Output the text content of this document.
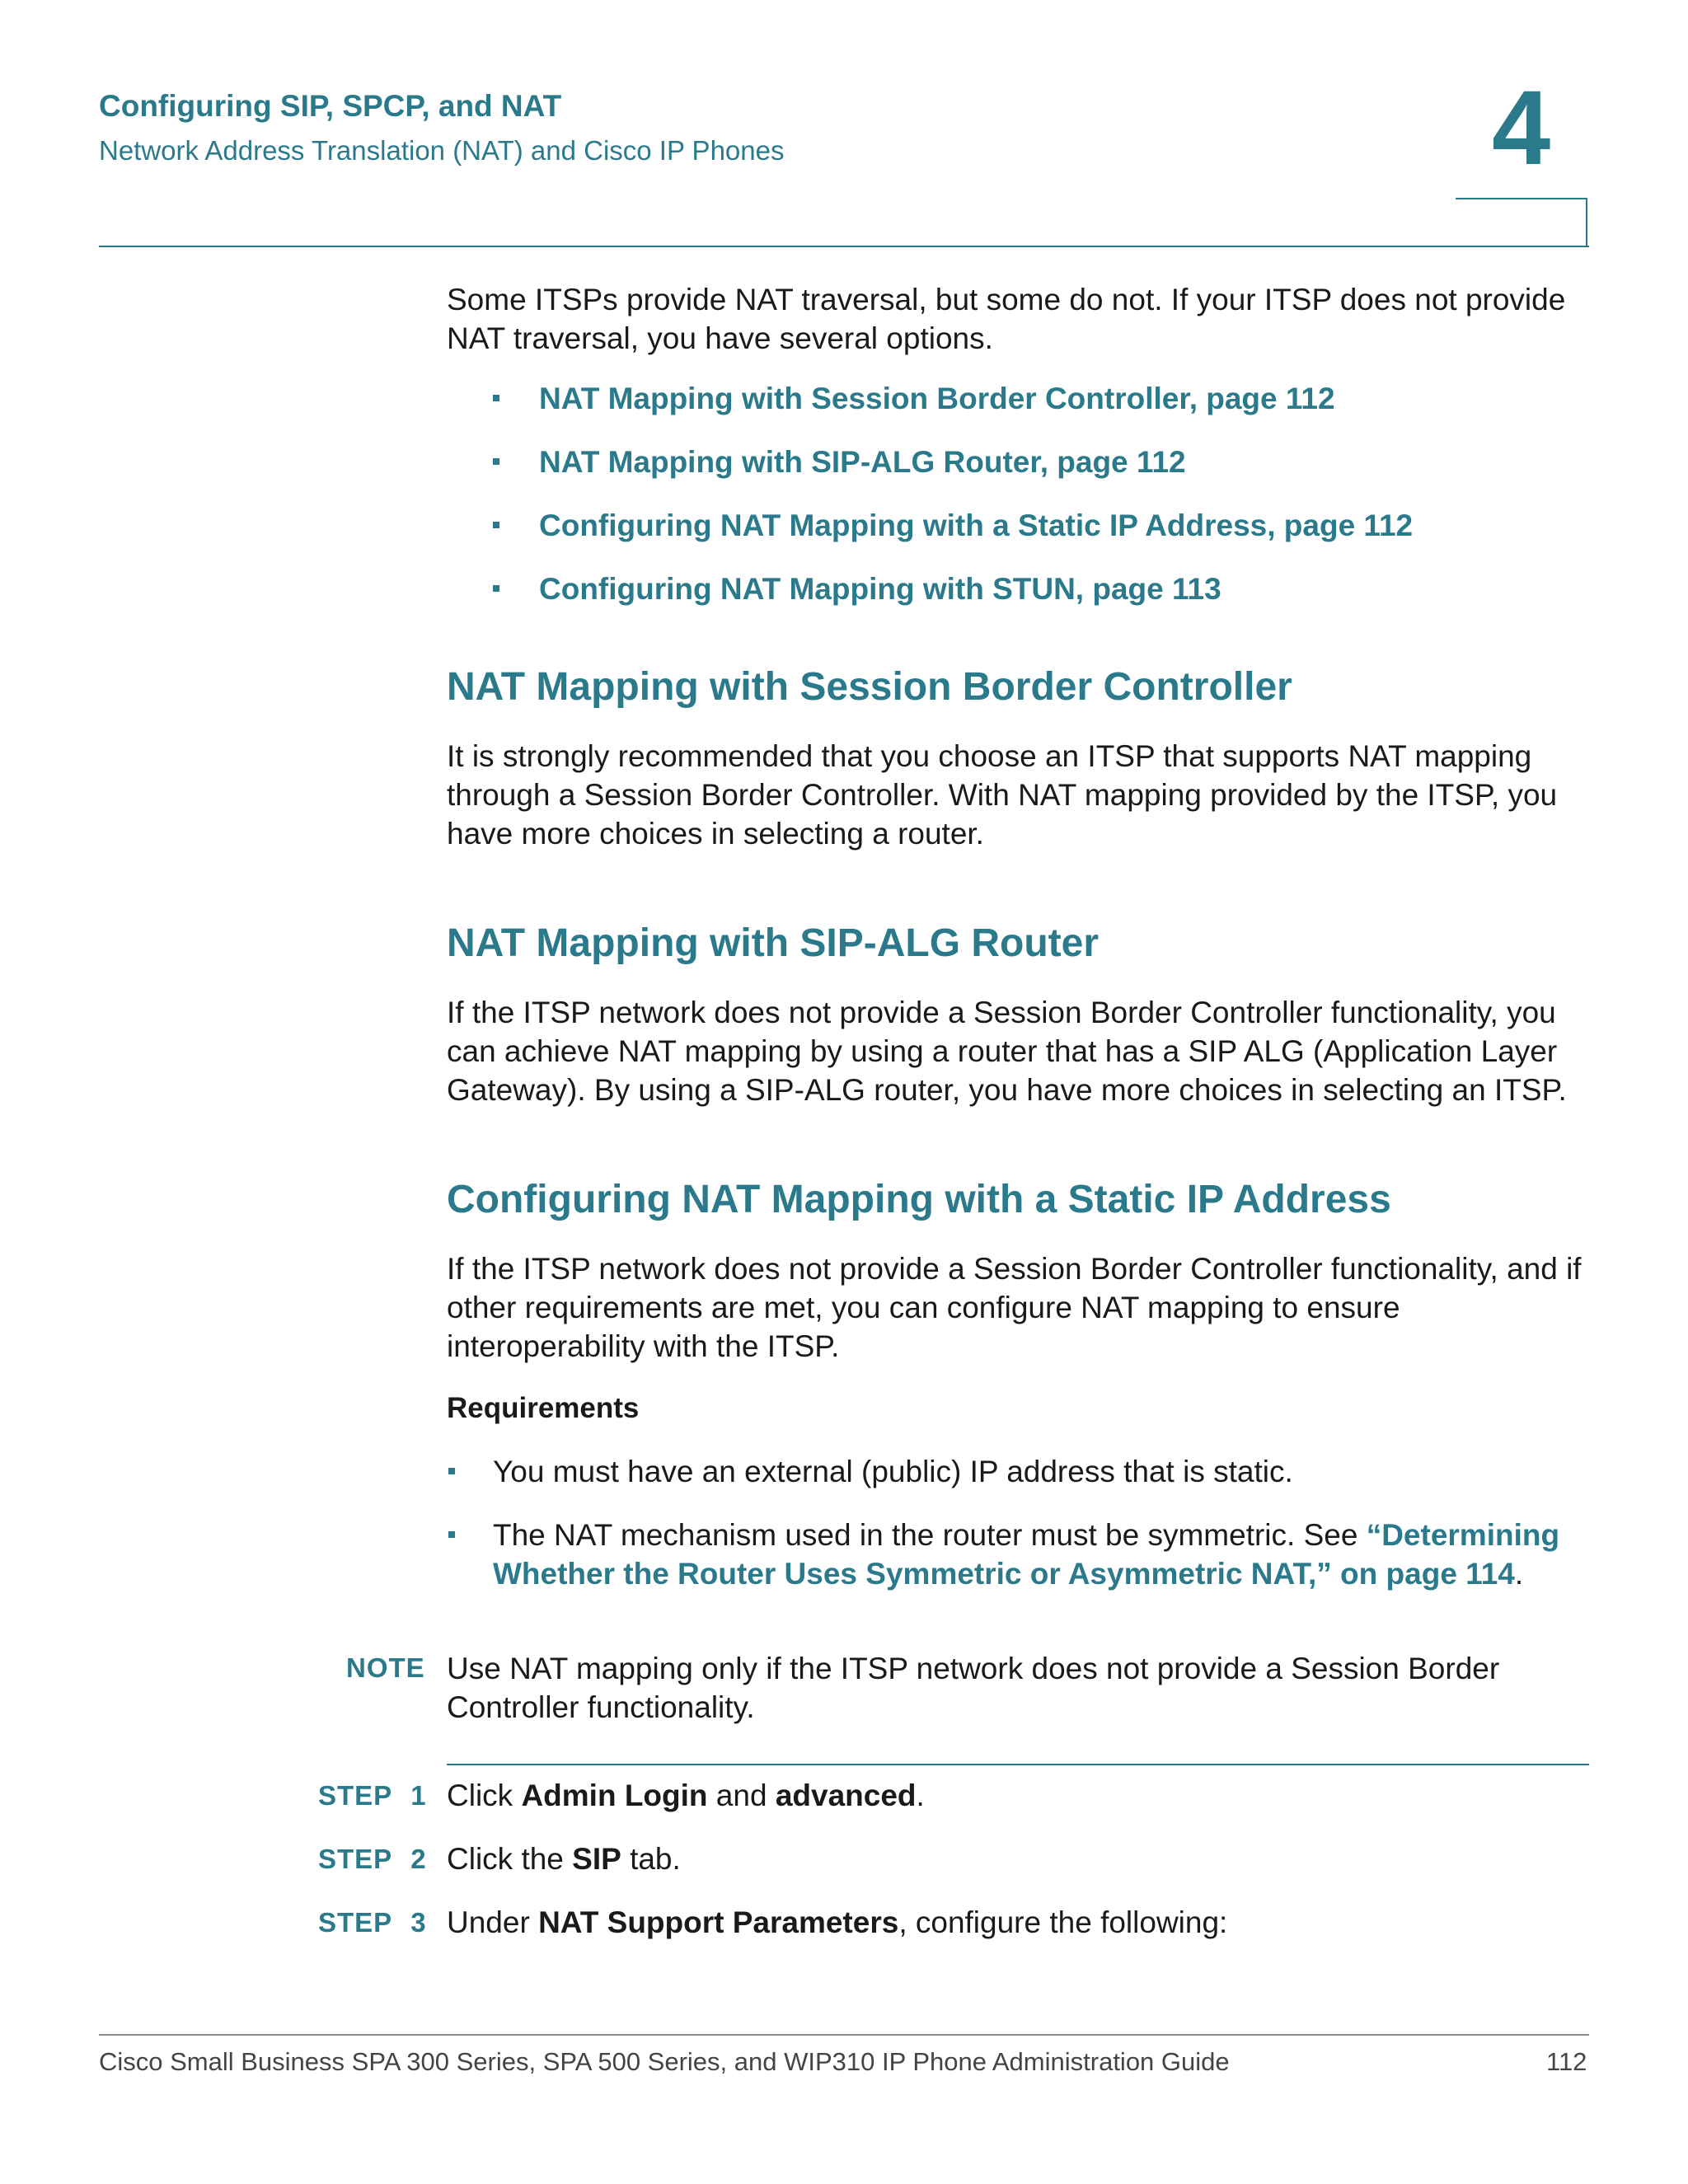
Configuring SIP, SPCP, and NAT
Network Address Translation (NAT) and Cisco IP Phones	4

Some ITSPs provide NAT traversal, but some do not. If your ITSP does not provide NAT traversal, you have several options.

NAT Mapping with Session Border Controller, page 112
NAT Mapping with SIP-ALG Router, page 112
Configuring NAT Mapping with a Static IP Address, page 112
Configuring NAT Mapping with STUN, page 113
NAT Mapping with Session Border Controller

It is strongly recommended that you choose an ITSP that supports NAT mapping through a Session Border Controller. With NAT mapping provided by the ITSP, you have more choices in selecting a router.

NAT Mapping with SIP-ALG Router

If the ITSP network does not provide a Session Border Controller functionality, you can achieve NAT mapping by using a router that has a SIP ALG (Application Layer Gateway). By using a SIP-ALG router, you have more choices in selecting an ITSP.

Configuring NAT Mapping with a Static IP Address

If the ITSP network does not provide a Session Border Controller functionality, and if other requirements are met, you can configure NAT mapping to ensure interoperability with the ITSP.

Requirements

You must have an external (public) IP address that is static.
The NAT mechanism used in the router must be symmetric. See “Determining Whether the Router Uses Symmetric or Asymmetric NAT,” on page 114.
NOTE Use NAT mapping only if the ITSP network does not provide a Session Border Controller functionality.
STEP 1 Click Admin Login and advanced.
STEP 2 Click the SIP tab.
STEP 3 Under NAT Support Parameters, configure the following:
Cisco Small Business SPA 300 Series, SPA 500 Series, and WIP310 IP Phone Administration Guide	112
